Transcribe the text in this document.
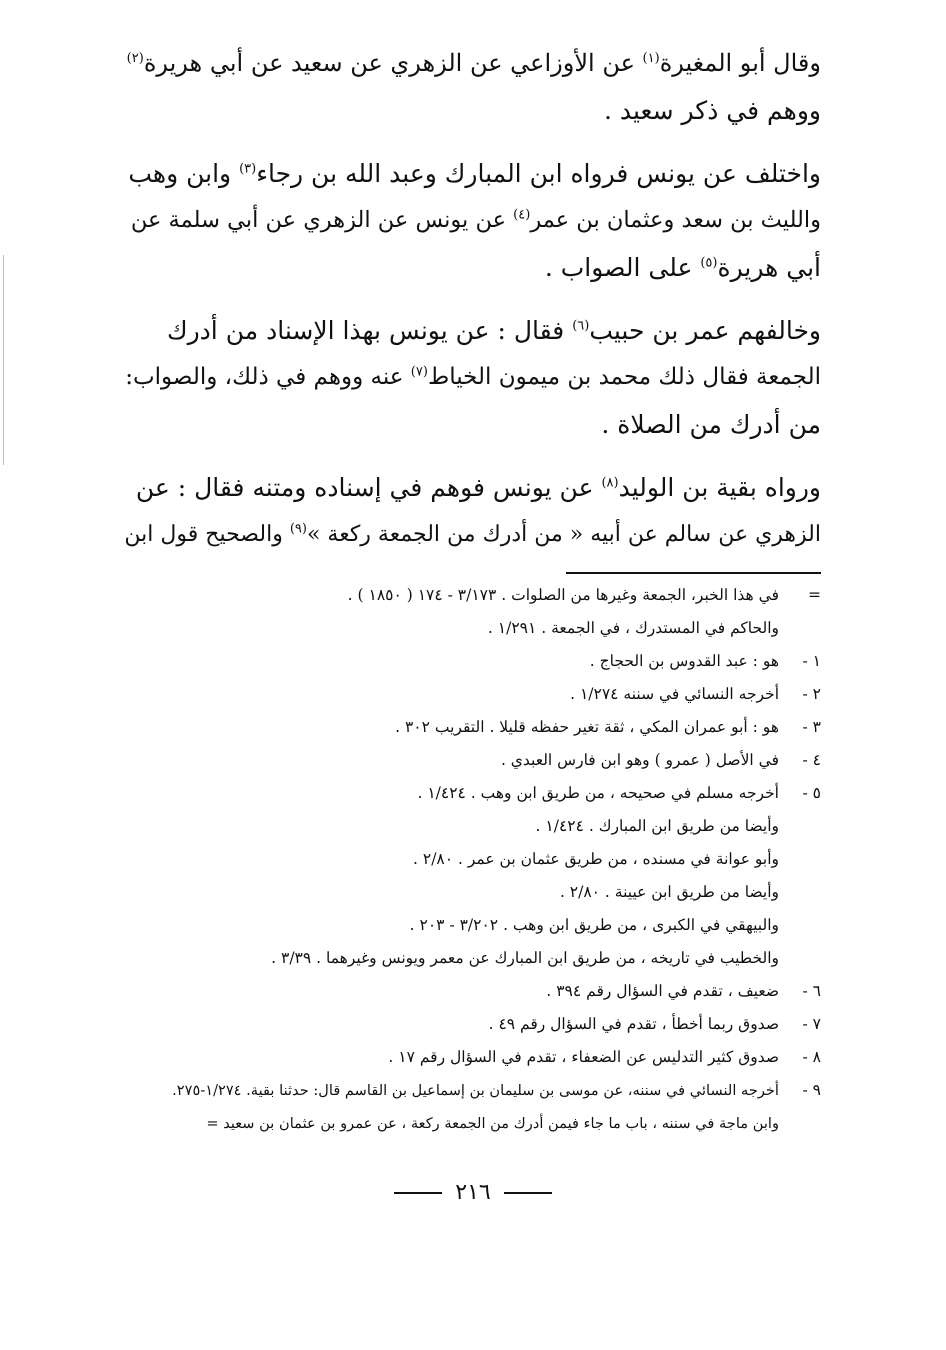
وقال أبو المغيرة$^{(١)}$ عن الأوزاعي عن الزهري عن سعيد عن أبي هريرة$^{(٢)}$
ووهم في ذكر سعيد .
واختلف عن يونس فرواه ابن المبارك وعبد الله بن رجاء$^{(٣)}$ وابن وهب
والليث بن سعد وعثمان بن عمر$^{(٤)}$ عن يونس عن الزهري عن أبي سلمة عن
أبي هريرة$^{(٥)}$ على الصواب .
وخالفهم عمر بن حبيب$^{(٦)}$ فقال : عن يونس بهذا الإسناد من أدرك
الجمعة فقال ذلك محمد بن ميمون الخياط$^{(٧)}$ عنه ووهم في ذلك، والصواب:
من أدرك من الصلاة .
ورواه بقية بن الوليد$^{(٨)}$ عن يونس فوهم في إسناده ومتنه فقال : عن
الزهري عن سالم عن أبيه « من أدرك من الجمعة ركعة »$^{(٩)}$ والصحيح قول ابن
=
في هذا الخبر، الجمعة وغيرها من الصلوات . ٣/١٧٣ - ١٧٤ ( ١٨٥٠ ) .
والحاكم في المستدرك ، في الجمعة . ١/٢٩١ .
١ -
هو : عبد القدوس بن الحجاج .
٢ -
أخرجه النسائي في سننه ١/٢٧٤ .
٣ -
هو : أبو عمران المكي ، ثقة تغير حفظه قليلا . التقريب ٣٠٢ .
٤ -
في الأصل ( عمرو ) وهو ابن فارس العبدي .
٥ -
أخرجه مسلم في صحيحه ، من طريق ابن وهب . ١/٤٢٤ .
وأيضا من طريق ابن المبارك . ١/٤٢٤ .
وأبو عوانة في مسنده ، من طريق عثمان بن عمر . ٢/٨٠ .
وأيضا من طريق ابن عيينة . ٢/٨٠ .
والبيهقي في الكبرى ، من طريق ابن وهب . ٣/٢٠٢ - ٢٠٣ .
والخطيب في تاريخه ، من طريق ابن المبارك عن معمر ويونس وغيرهما . ٣/٣٩ .
٦ -
ضعيف ، تقدم في السؤال رقم ٣٩٤ .
٧ -
صدوق ربما أخطأ ، تقدم في السؤال رقم ٤٩ .
٨ -
صدوق كثير التدليس عن الضعفاء ، تقدم في السؤال رقم ١٧ .
٩ -
أخرجه النسائي في سننه، عن موسى بن سليمان بن إسماعيل بن القاسم قال: حدثنا بقية. ١/٢٧٤-٢٧٥.
وابن ماجة في سننه ، باب ما جاء فيمن أدرك من الجمعة ركعة ، عن عمرو بن عثمان بن سعيد =
٢١٦
